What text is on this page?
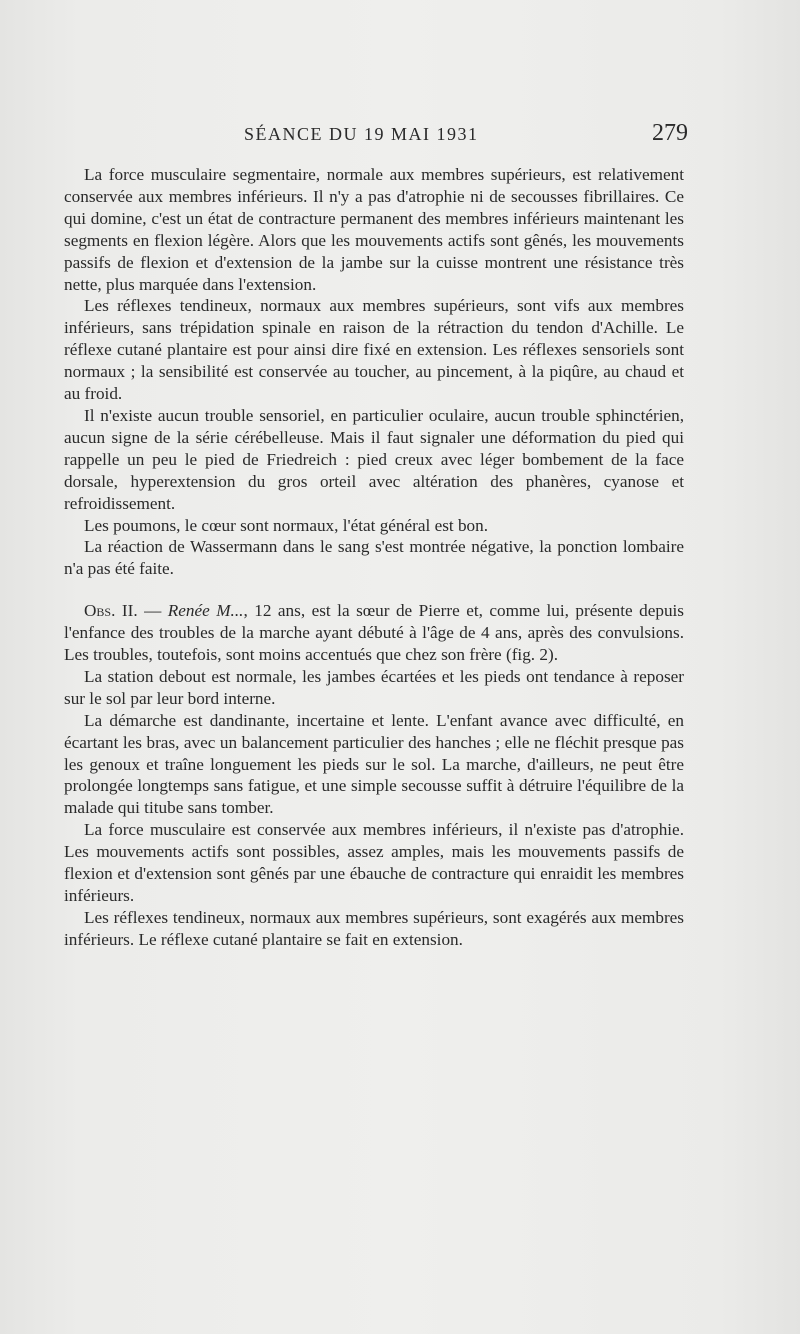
SÉANCE DU 19 MAI 1931	279

La force musculaire segmentaire, normale aux membres supérieurs, est relativement conservée aux membres inférieurs. Il n'y a pas d'atrophie ni de secousses fibrillaires. Ce qui domine, c'est un état de contracture permanent des membres inférieurs maintenant les segments en flexion légère. Alors que les mouvements actifs sont gênés, les mouvements passifs de flexion et d'extension de la jambe sur la cuisse montrent une résistance très nette, plus marquée dans l'extension.

Les réflexes tendineux, normaux aux membres supérieurs, sont vifs aux membres inférieurs, sans trépidation spinale en raison de la rétraction du tendon d'Achille. Le réflexe cutané plantaire est pour ainsi dire fixé en extension. Les réflexes sensoriels sont normaux ; la sensibilité est conservée au toucher, au pincement, à la piqûre, au chaud et au froid.

Il n'existe aucun trouble sensoriel, en particulier oculaire, aucun trouble sphinctérien, aucun signe de la série cérébelleuse. Mais il faut signaler une déformation du pied qui rappelle un peu le pied de Friedreich : pied creux avec léger bombement de la face dorsale, hyperextension du gros orteil avec altération des phanères, cyanose et refroidissement.

Les poumons, le cœur sont normaux, l'état général est bon.

La réaction de Wassermann dans le sang s'est montrée négative, la ponction lombaire n'a pas été faite.

Obs. II. — Renée M..., 12 ans, est la sœur de Pierre et, comme lui, présente depuis l'enfance des troubles de la marche ayant débuté à l'âge de 4 ans, après des convulsions. Les troubles, toutefois, sont moins accentués que chez son frère (fig. 2).

La station debout est normale, les jambes écartées et les pieds ont tendance à reposer sur le sol par leur bord interne.

La démarche est dandinante, incertaine et lente. L'enfant avance avec difficulté, en écartant les bras, avec un balancement particulier des hanches ; elle ne fléchit presque pas les genoux et traîne longuement les pieds sur le sol. La marche, d'ailleurs, ne peut être prolongée longtemps sans fatigue, et une simple secousse suffit à détruire l'équilibre de la malade qui titube sans tomber.

La force musculaire est conservée aux membres inférieurs, il n'existe pas d'atrophie. Les mouvements actifs sont possibles, assez amples, mais les mouvements passifs de flexion et d'extension sont gênés par une ébauche de contracture qui enraidit les membres inférieurs.

Les réflexes tendineux, normaux aux membres supérieurs, sont exagérés aux membres inférieurs. Le réflexe cutané plantaire se fait en extension.
